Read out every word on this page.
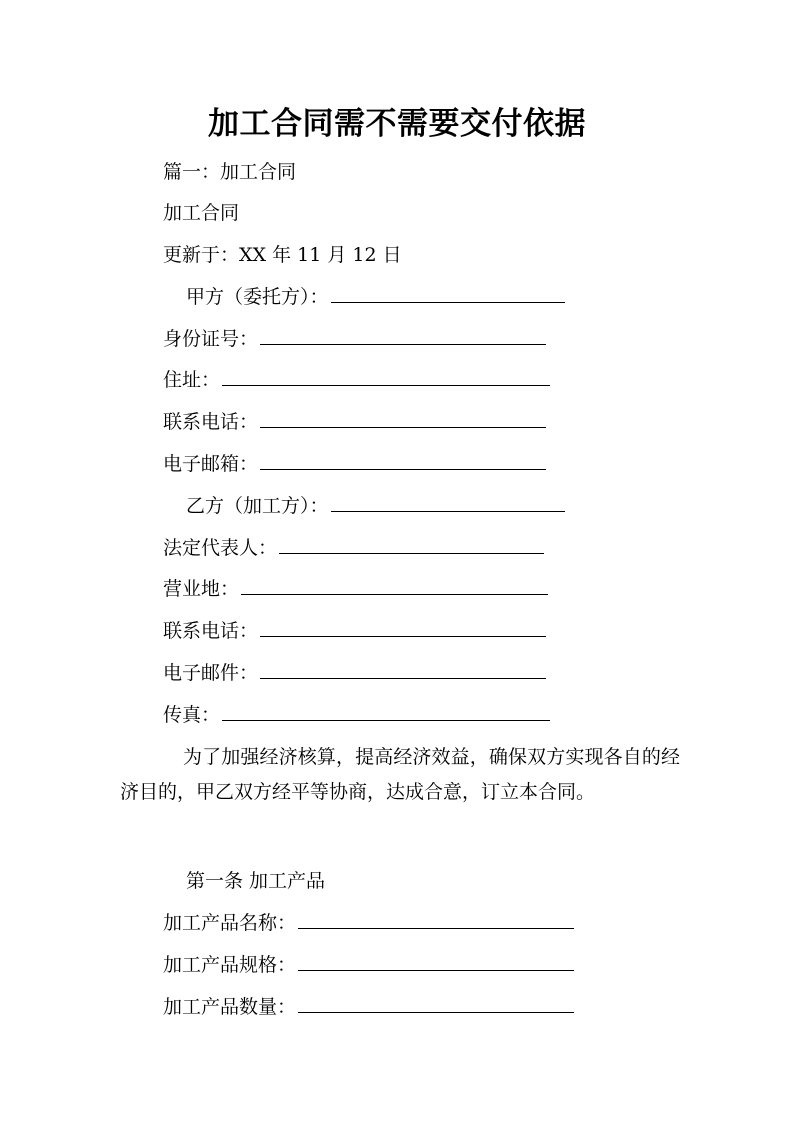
加工合同需不需要交付依据
篇一：加工合同
加工合同
更新于：XX 年 11 月 12 日
甲方（委托方）：
身份证号：
住址：
联系电话：
电子邮箱：
乙方（加工方）：
法定代表人：
营业地：
联系电话：
电子邮件：
传真：
为了加强经济核算，提高经济效益，确保双方实现各自的经济目的，甲乙双方经平等协商，达成合意，订立本合同。
第一条 加工产品
加工产品名称：
加工产品规格：
加工产品数量：
